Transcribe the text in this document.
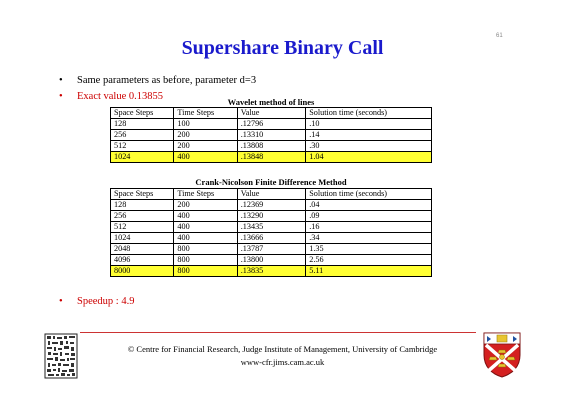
61
Supershare Binary Call
• Same parameters as before, parameter d=3
• Exact value 0.13855	Wavelet method of lines
Space Steps	Time Steps	Value	Solution time (seconds)
128	100	.12796	.10
256	200	.13310	.14
512	200	.13808	.30
1024	400	.13848	1.04
Crank-Nicolson Finite Difference Method
Space Steps	Time Steps	Value	Solution time (seconds)
128	200	.12369	.04
256	400	.13290	.09
512	400	.13435	.16
1024	400	.13666	.34
2048	800	.13787	1.35
4096	800	.13800	2.56
8000	800	.13835	5.11
• Speedup : 4.9
© Centre for Financial Research, Judge Institute of Management, University of Cambridge
www-cfr.jims.cam.ac.uk
